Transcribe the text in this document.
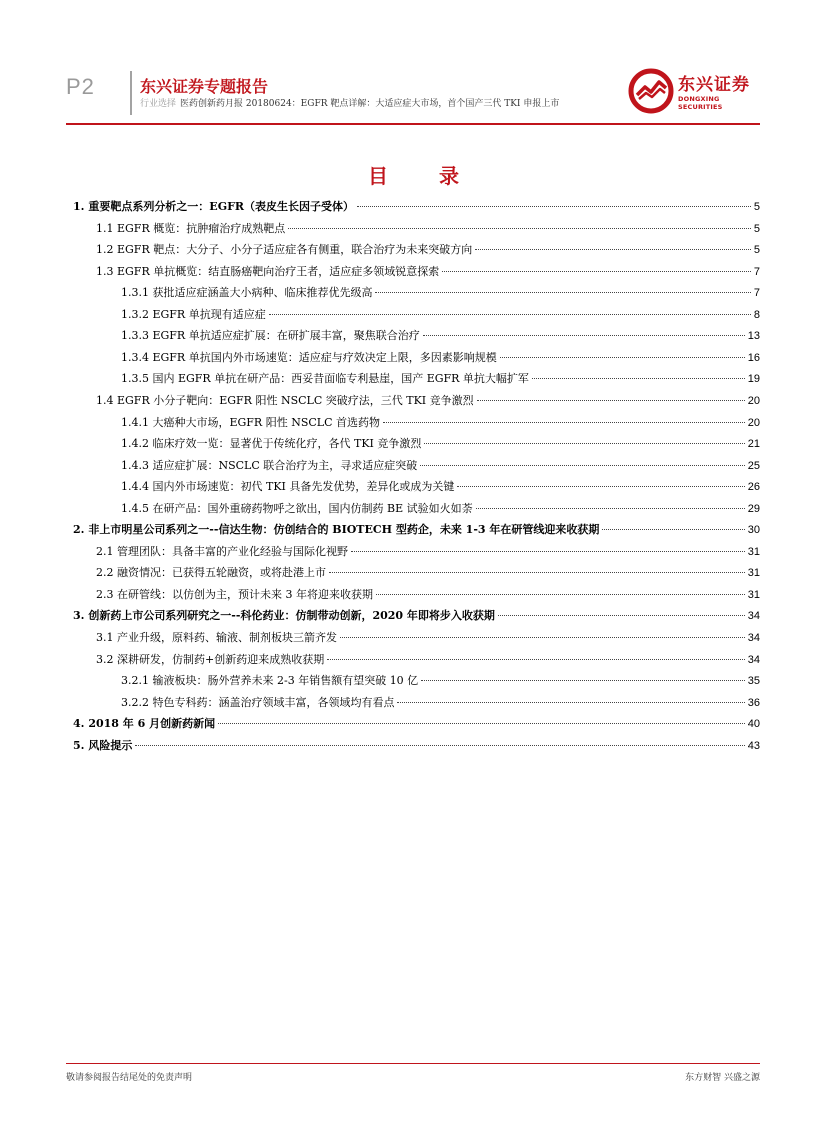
P2	东兴证券专题报告
行业选择 医药创新药月报 20180624：EGFR 靶点详解：大适应症大市场，首个国产三代 TKI 申报上市
东兴证券
DONGXING SECURITIES
目 录
1. 重要靶点系列分析之一：EGFR（表皮生长因子受体）	5
1.1 EGFR 概览：抗肿瘤治疗成熟靶点	5
1.2 EGFR 靶点：大分子、小分子适应症各有侧重，联合治疗为未来突破方向	5
1.3 EGFR 单抗概览：结直肠癌靶向治疗王者，适应症多领域锐意探索	7
1.3.1 获批适应症涵盖大小病种、临床推荐优先级高	7
1.3.2 EGFR 单抗现有适应症	8
1.3.3 EGFR 单抗适应症扩展：在研扩展丰富，聚焦联合治疗	13
1.3.4 EGFR 单抗国内外市场速览：适应症与疗效决定上限，多因素影响规模	16
1.3.5 国内 EGFR 单抗在研产品：西妥昔面临专利悬崖，国产 EGFR 单抗大幅扩军	19
1.4 EGFR 小分子靶向：EGFR 阳性 NSCLC 突破疗法，三代 TKI 竞争激烈	20
1.4.1 大癌种大市场，EGFR 阳性 NSCLC 首选药物	20
1.4.2 临床疗效一览：显著优于传统化疗，各代 TKI 竞争激烈	21
1.4.3 适应症扩展：NSCLC 联合治疗为主，寻求适应症突破	25
1.4.4 国内外市场速览：初代 TKI 具备先发优势，差异化或成为关键	26
1.4.5 在研产品：国外重磅药物呼之欲出，国内仿制药 BE 试验如火如荼	29
2. 非上市明星公司系列之一--信达生物：仿创结合的 BIOTECH 型药企，未来 1-3 年在研管线迎来收获期	30
2.1 管理团队：具备丰富的产业化经验与国际化视野	31
2.2 融资情况：已获得五轮融资，或将赴港上市	31
2.3 在研管线：以仿创为主，预计未来 3 年将迎来收获期	31
3. 创新药上市公司系列研究之一--科伦药业：仿制带动创新，2020 年即将步入收获期	34
3.1 产业升级，原料药、输液、制剂板块三箭齐发	34
3.2 深耕研发，仿制药+创新药迎来成熟收获期	34
3.2.1 输液板块：肠外营养未来 2-3 年销售额有望突破 10 亿	35
3.2.2 特色专科药：涵盖治疗领域丰富，各领域均有看点	36
4. 2018 年 6 月创新药新闻	40
5. 风险提示	43
敬请参阅报告结尾处的免责声明	东方财智 兴盛之源
